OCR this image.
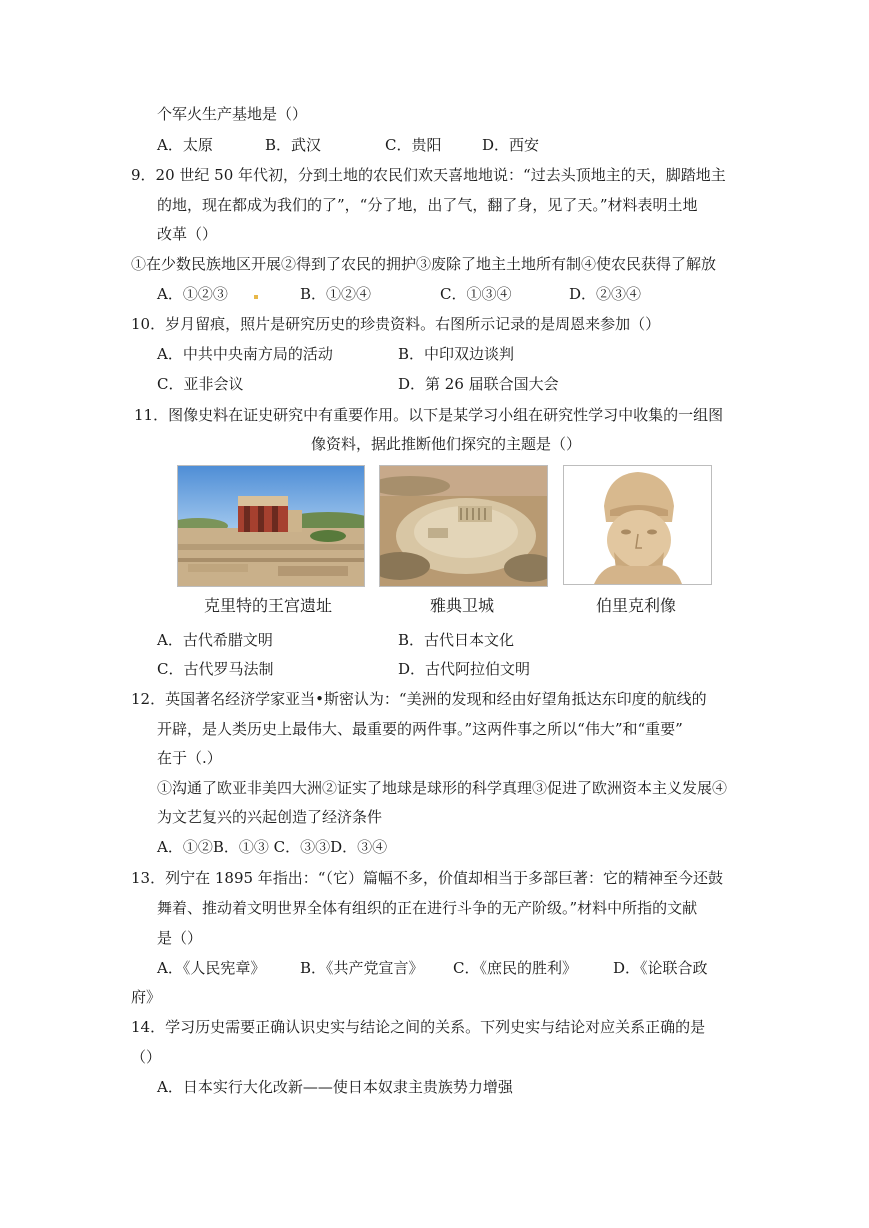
个军火生产基地是（）
A．太原	B．武汉	C．贵阳	D．西安
9．20 世纪 50 年代初，分到土地的农民们欢天喜地地说：“过去头顶地主的天，脚踏地主
的地，现在都成为我们的了”，“分了地，出了气，翻了身，见了天。”材料表明土地
改革（）
①在少数民族地区开展②得到了农民的拥护③废除了地主土地所有制④使农民获得了解放
A．①②③	B．①②④	C．①③④	D．②③④
10．岁月留痕，照片是研究历史的珍贵资料。右图所示记录的是周恩来参加（）
A．中共中央南方局的活动	B．中印双边谈判
C．亚非会议	D．第 26 届联合国大会
11．图像史料在证史研究中有重要作用。以下是某学习小组在研究性学习中收集的一组图
像资料，据此推断他们探究的主题是（）
克里特的王宫遗址	雅典卫城	伯里克利像
A．古代希腊文明	B．古代日本文化
C．古代罗马法制	D．古代阿拉伯文明
12．英国著名经济学家亚当•斯密认为：“美洲的发现和经由好望角抵达东印度的航线的
开辟，是人类历史上最伟大、最重要的两件事。”这两件事之所以“伟大”和“重要”
在于（.）
①沟通了欧亚非美四大洲②证实了地球是球形的科学真理③促进了欧洲资本主义发展④
为文艺复兴的兴起创造了经济条件
A．①②B．①③ C．③③D．③④
13．列宁在 1895 年指出：“（它）篇幅不多，价值却相当于多部巨著：它的精神至今还鼓
舞着、推动着文明世界全体有组织的正在进行斗争的无产阶级。”材料中所指的文献
是（）
A．《人民宪章》 B．《共产党宣言》 C．《庶民的胜利》 D．《论联合政
府》
14．学习历史需要正确认识史实与结论之间的关系。下列史实与结论对应关系正确的是
（）
A．日本实行大化改新——使日本奴隶主贵族势力增强
